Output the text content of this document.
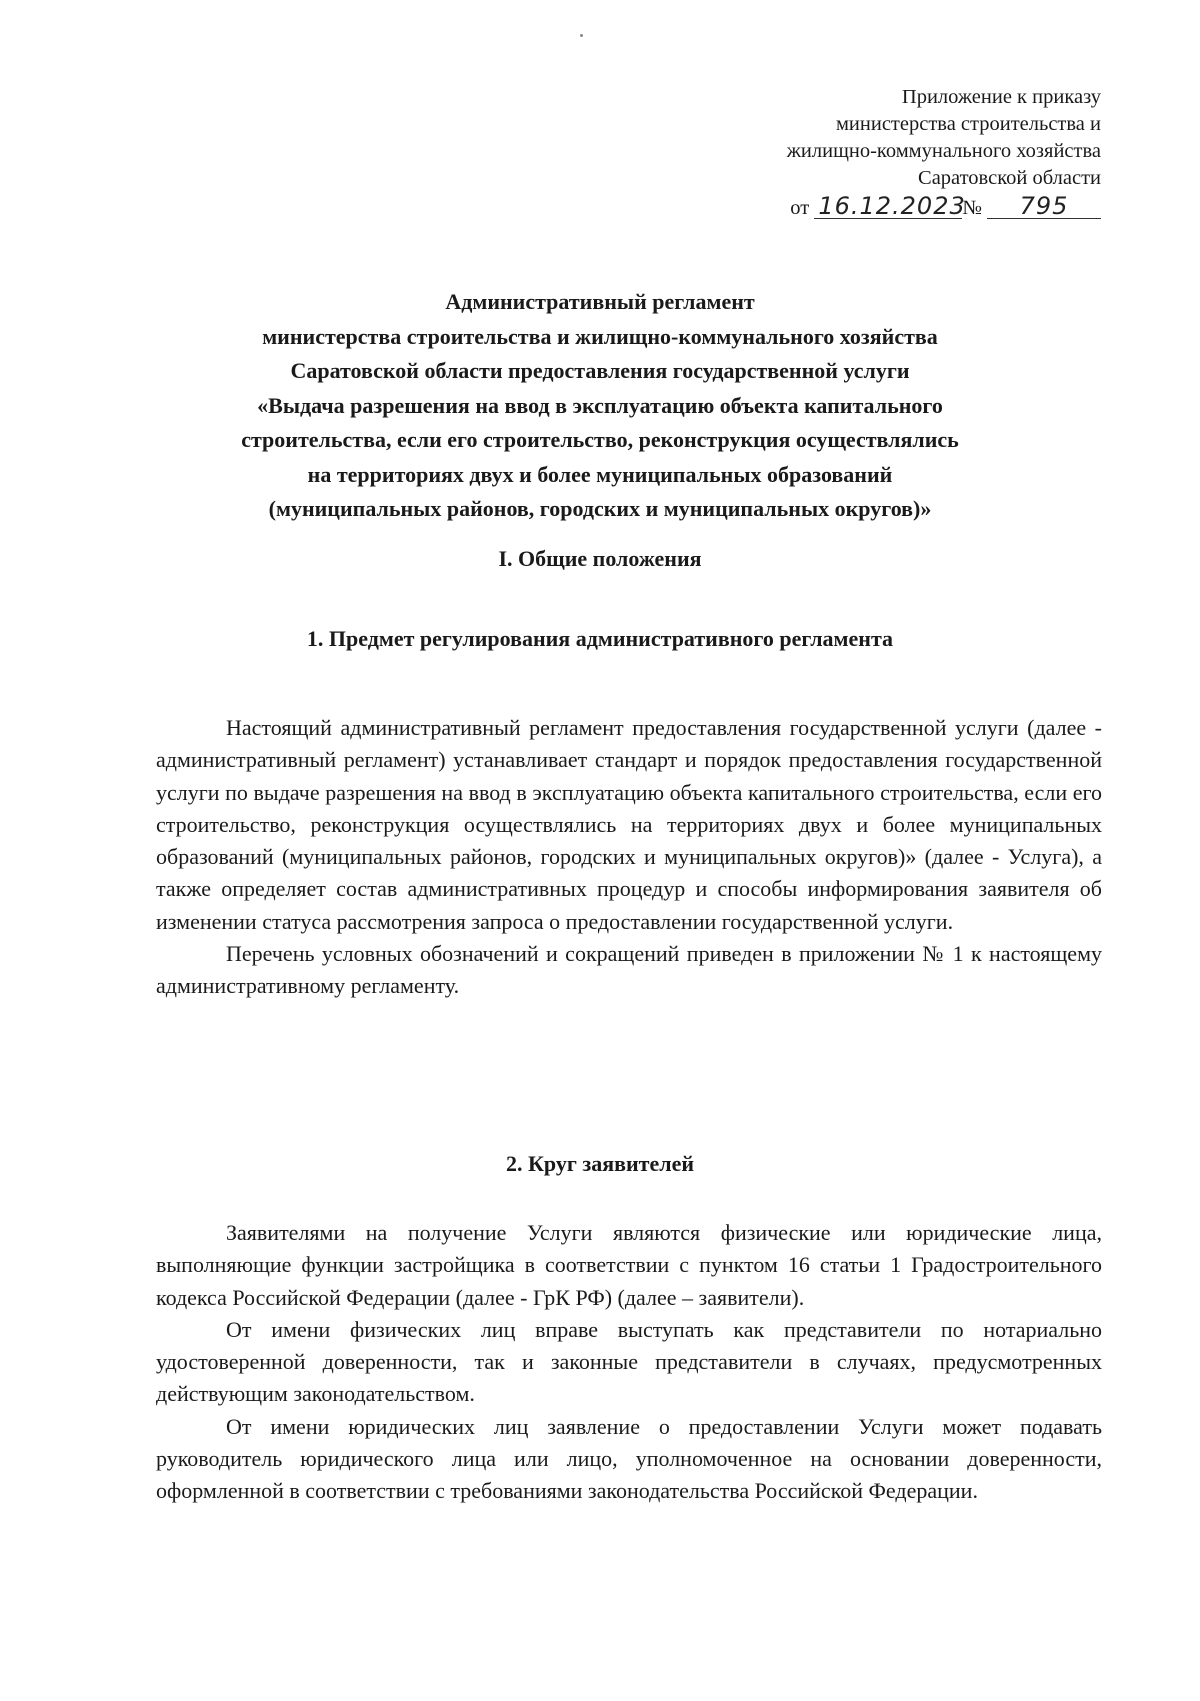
Приложение к приказу
министерства строительства и
жилищно-коммунального хозяйства
Саратовской области
от 16.12.2023№ 795
Административный регламент
министерства строительства и жилищно-коммунального хозяйства
Саратовской области предоставления государственной услуги
«Выдача разрешения на ввод в эксплуатацию объекта капитального
строительства, если его строительство, реконструкция осуществлялись
на территориях двух и более муниципальных образований
(муниципальных районов, городских и муниципальных округов)»
I. Общие положения
1. Предмет регулирования административного регламента

Настоящий административный регламент предоставления государственной услуги (далее - административный регламент) устанавливает стандарт и порядок предоставления государственной услуги по выдаче разрешения на ввод в эксплуатацию объекта капитального строительства, если его строительство, реконструкция осуществлялись на территориях двух и более муниципальных образований (муниципальных районов, городских и муниципальных округов)» (далее - Услуга), а также определяет состав административных процедур и способы информирования заявителя об изменении статуса рассмотрения запроса о предоставлении государственной услуги.

Перечень условных обозначений и сокращений приведен в приложении № 1 к настоящему административному регламенту.

2. Круг заявителей

Заявителями на получение Услуги являются физические или юридические лица, выполняющие функции застройщика в соответствии с пунктом 16 статьи 1 Градостроительного кодекса Российской Федерации (далее - ГрК РФ) (далее – заявители).

От имени физических лиц вправе выступать как представители по нотариально удостоверенной доверенности, так и законные представители в случаях, предусмотренных действующим законодательством.

От имени юридических лиц заявление о предоставлении Услуги может подавать руководитель юридического лица или лицо, уполномоченное на основании доверенности, оформленной в соответствии с требованиями законодательства Российской Федерации.
